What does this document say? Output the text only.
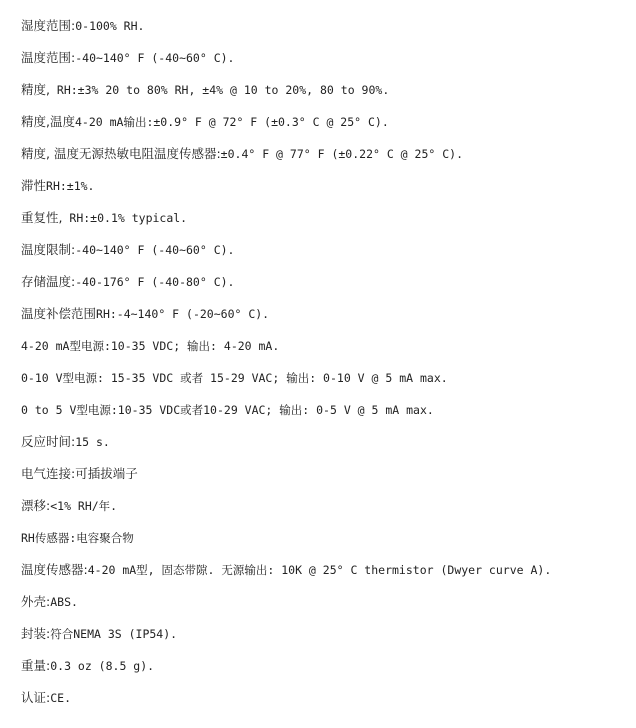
湿度范围:0-100% RH.
温度范围:-40~140° F (-40~60° C).
精度, RH:±3% 20 to 80% RH, ±4% @ 10 to 20%, 80 to 90%.
精度,温度4-20 mA输出:±0.9° F @ 72° F (±0.3° C @ 25° C).
精度, 温度无源热敏电阻温度传感器:±0.4° F @ 77° F (±0.22° C @ 25° C).
滞性RH:±1%.
重复性, RH:±0.1% typical.
温度限制:-40~140° F (-40~60° C).
存储温度:-40-176° F (-40-80° C).
温度补偿范围RH:-4~140° F (-20~60° C).
4-20 mA型电源:10-35 VDC; 输出: 4-20 mA.
0-10 V型电源: 15-35 VDC 或者 15-29 VAC; 输出: 0-10 V @ 5 mA max.
0 to 5 V型电源:10-35 VDC或者10-29 VAC; 输出: 0-5 V @ 5 mA max.
反应时间:15 s.
电气连接:可插拔端子
漂移:<1% RH/年.
RH传感器:电容聚合物
温度传感器:4-20 mA型, 固态带隙. 无源输出: 10K @ 25° C thermistor (Dwyer curve A).
外壳:ABS.
封装:符合NEMA 3S (IP54).
重量:0.3 oz (8.5 g).
认证:CE.
